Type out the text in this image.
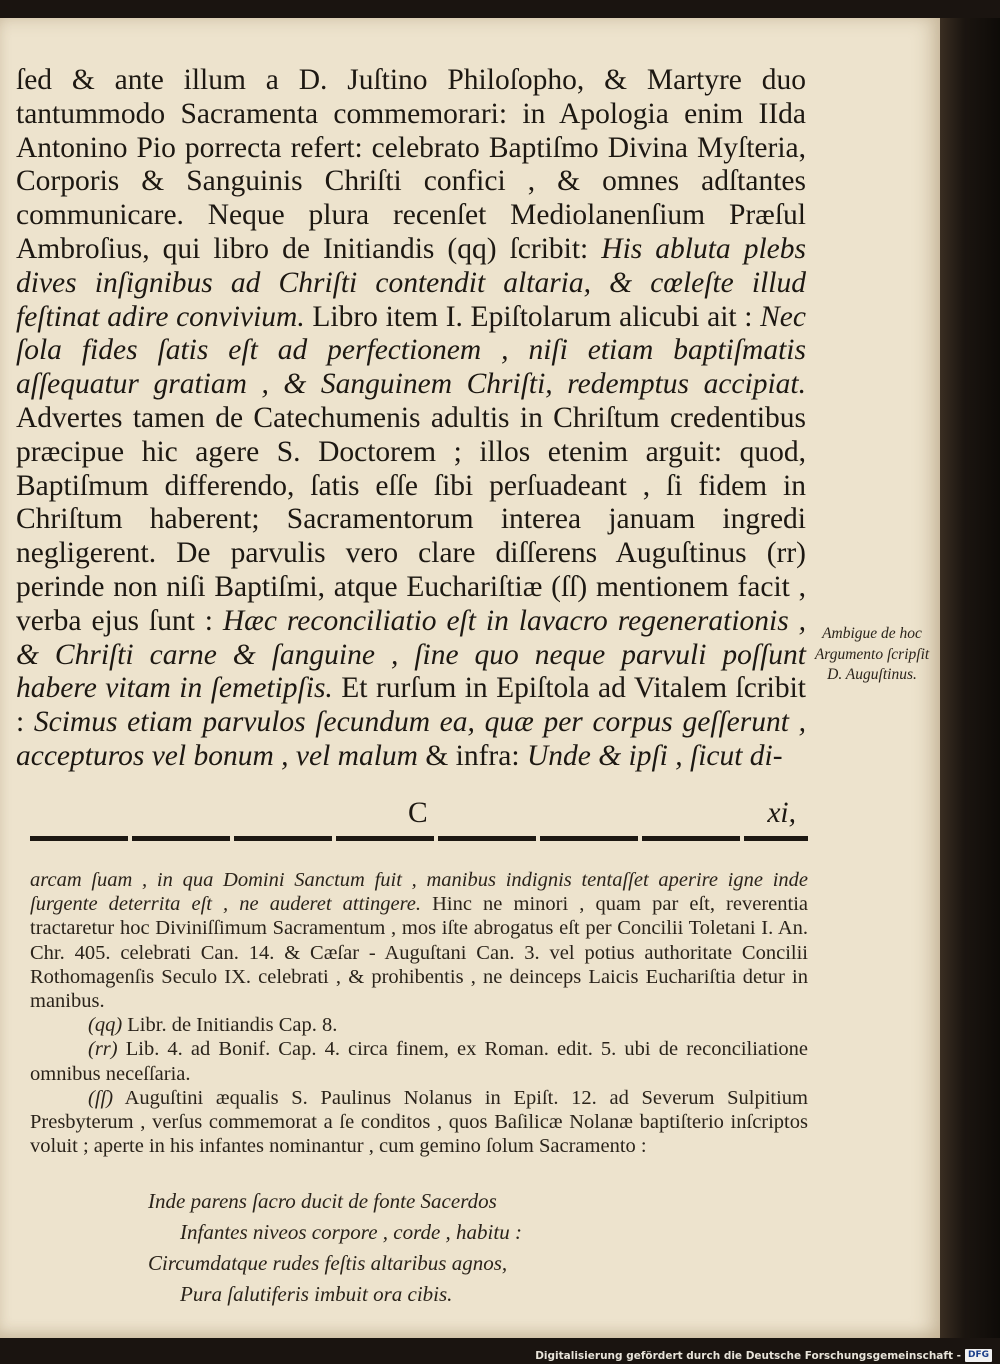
ſed & ante illum a D. Juſtino Philoſopho, & Martyre duo tantummodo Sacramenta commemorari: in Apologia enim IIda Antonino Pio porrecta refert: celebrato Baptiſmo Divina Myſteria, Corporis & Sanguinis Chriſti confici , & omnes adſtantes communicare. Neque plura recenſet Mediolanenſium Præſul Ambroſius, qui libro de Initiandis (qq) ſcribit: His abluta plebs dives inſignibus ad Chriſti contendit altaria, & cœleſte illud feſtinat adire convivium. Libro item I. Epiſtolarum alicubi ait : Nec ſola fides ſatis eſt ad perfectionem , niſi etiam baptiſmatis aſſequatur gratiam , & Sanguinem Chriſti, redemptus accipiat. Advertes tamen de Catechumenis adultis in Chriſtum credentibus præcipue hic agere S. Doctorem ; illos etenim arguit: quod, Baptiſmum differendo, ſatis eſſe ſibi perſuadeant , ſi fidem in Chriſtum haberent; Sacramentorum interea januam ingredi negligerent. De parvulis vero clare diſſerens Auguſtinus (rr) perinde non niſi Baptiſmi, atque Euchariſtiæ (ſſ) mentionem facit , verba ejus ſunt : Hæc reconciliatio eſt in lavacro regenerationis , & Chriſti carne & ſanguine , ſine quo neque parvuli poſſunt habere vitam in ſemetipſis. Et rurſum in Epiſtola ad Vitalem ſcribit : Scimus etiam parvulos ſecundum ea, quæ per corpus geſſerunt , accepturos vel bonum , vel malum & infra: Unde & ipſi , ſicut di-

C	xi,
Ambigue de hoc Argumento ſcripſit D. Auguſtinus.

arcam ſuam , in qua Domini Sanctum fuit , manibus indignis tentaſſet aperire igne inde ſurgente deterrita eſt , ne auderet attingere. Hinc ne minori , quam par eſt, reverentia tractaretur hoc Diviniſſimum Sacramentum , mos iſte abrogatus eſt per Concilii Toletani I. An. Chr. 405. celebrati Can. 14. & Cæſar - Auguſtani Can. 3. vel potius authoritate Concilii Rothomagenſis Seculo IX. celebrati , & prohibentis , ne deinceps Laicis Euchariſtia detur in manibus.

(qq) Libr. de Initiandis Cap. 8.

(rr) Lib. 4. ad Bonif. Cap. 4. circa finem, ex Roman. edit. 5. ubi de reconciliatione omnibus neceſſaria.

(ſſ) Auguſtini æqualis S. Paulinus Nolanus in Epiſt. 12. ad Severum Sulpitium Presbyterum , verſus commemorat a ſe conditos , quos Baſilicæ Nolanæ baptiſterio inſcriptos voluit ; aperte in his infantes nominantur , cum gemino ſolum Sacramento :

Inde parens ſacro ducit de fonte Sacerdos

Infantes niveos corpore , corde , habitu :

Circumdatque rudes feſtis altaribus agnos,

Pura ſalutiferis imbuit ora cibis.

Digitalisierung gefördert durch die Deutsche Forschungsgemeinschaft - DFG
